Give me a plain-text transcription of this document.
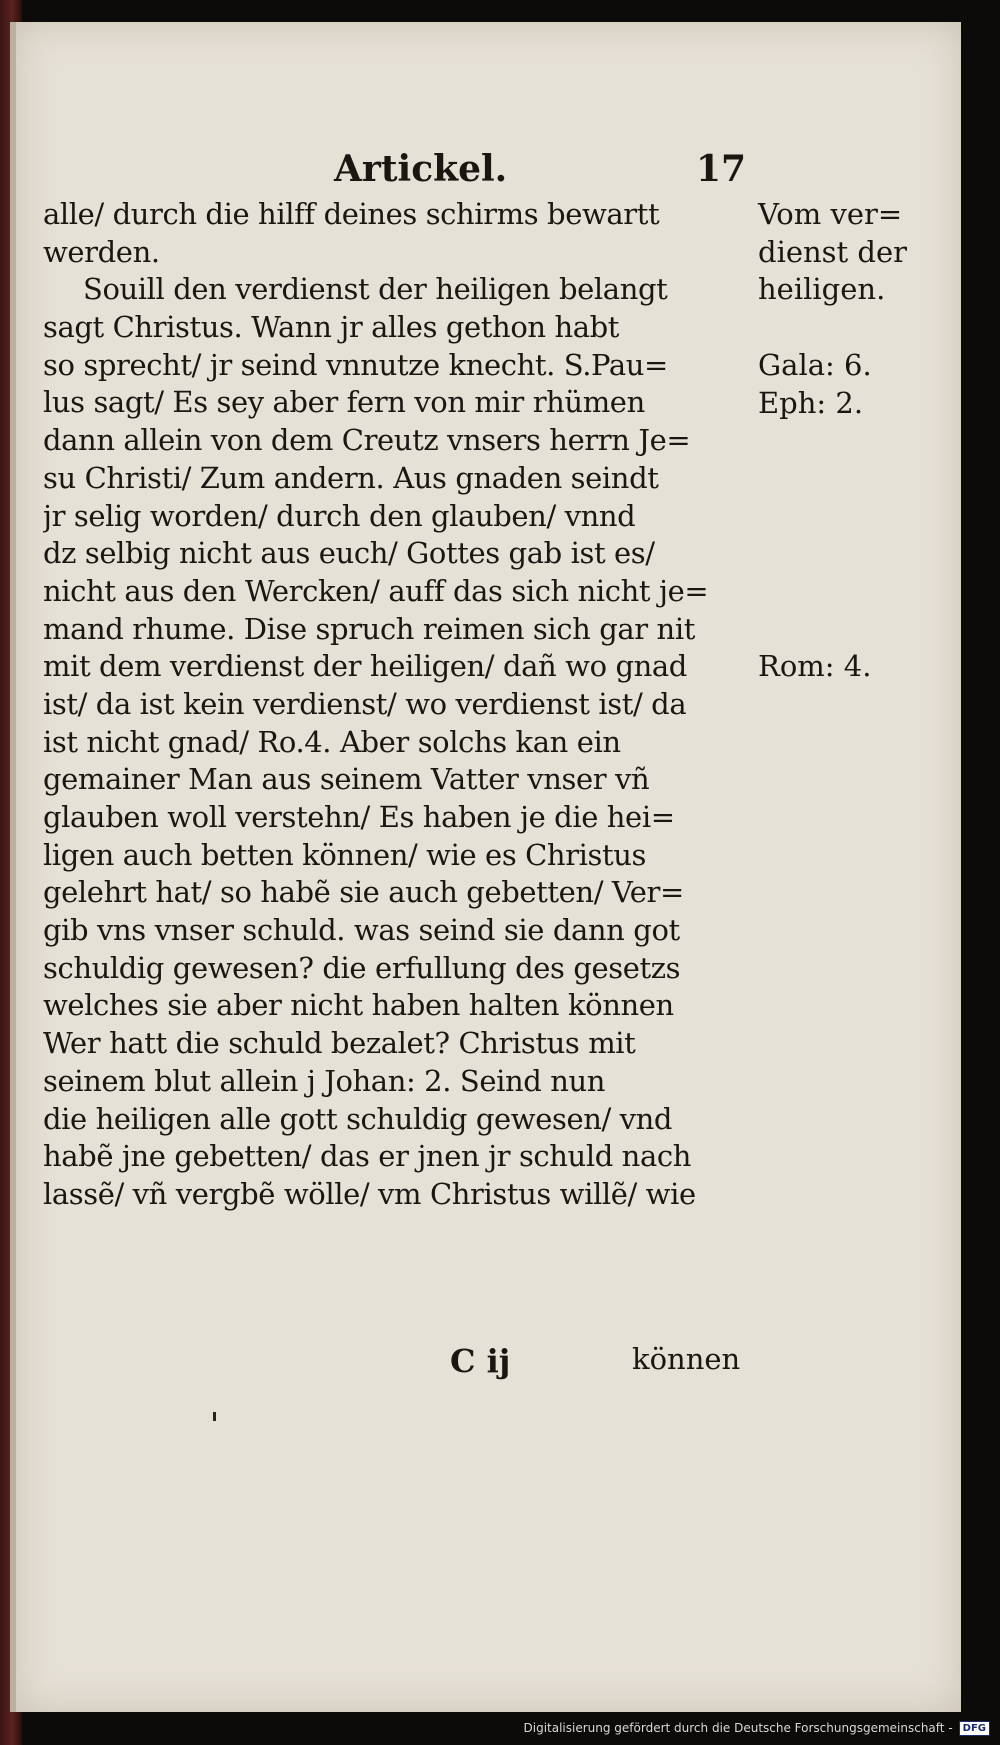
Artickel.	17
alle/ durch die hilff deines schirms bewartt
werden.
Souill den verdienst der heiligen belangt
sagt Christus. Wann jr alles gethon habt
so sprecht/ jr seind vnnutze knecht. S.Pau=
lus sagt/ Es sey aber fern von mir rhümen
dann allein von dem Creutz vnsers herrn Je=
su Christi/ Zum andern. Aus gnaden seindt
jr selig worden/ durch den glauben/ vnnd
dz selbig nicht aus euch/ Gottes gab ist es/
nicht aus den Wercken/ auff das sich nicht je=
mand rhume. Dise spruch reimen sich gar nit
mit dem verdienst der heiligen/ dañ wo gnad
ist/ da ist kein verdienst/ wo verdienst ist/ da
ist nicht gnad/ Ro.4. Aber solchs kan ein
gemainer Man aus seinem Vatter vnser vñ
glauben woll verstehn/ Es haben je die hei=
ligen auch betten können/ wie es Christus
gelehrt hat/ so habẽ sie auch gebetten/ Ver=
gib vns vnser schuld. was seind sie dann got
schuldig gewesen? die erfullung des gesetzs
welches sie aber nicht haben halten können
Wer hatt die schuld bezalet? Christus mit
seinem blut allein j Johan: 2. Seind nun
die heiligen alle gott schuldig gewesen/ vnd
habẽ jne gebetten/ das er jnen jr schuld nach
lassẽ/ vñ vergbẽ wölle/ vm Christus willẽ/ wie
Vom ver=
dienst der
heiligen.
Gala: 6.
Eph: 2.
Rom: 4.
C ij	können
Digitalisierung gefördert durch die Deutsche Forschungsgemeinschaft -	DFG
